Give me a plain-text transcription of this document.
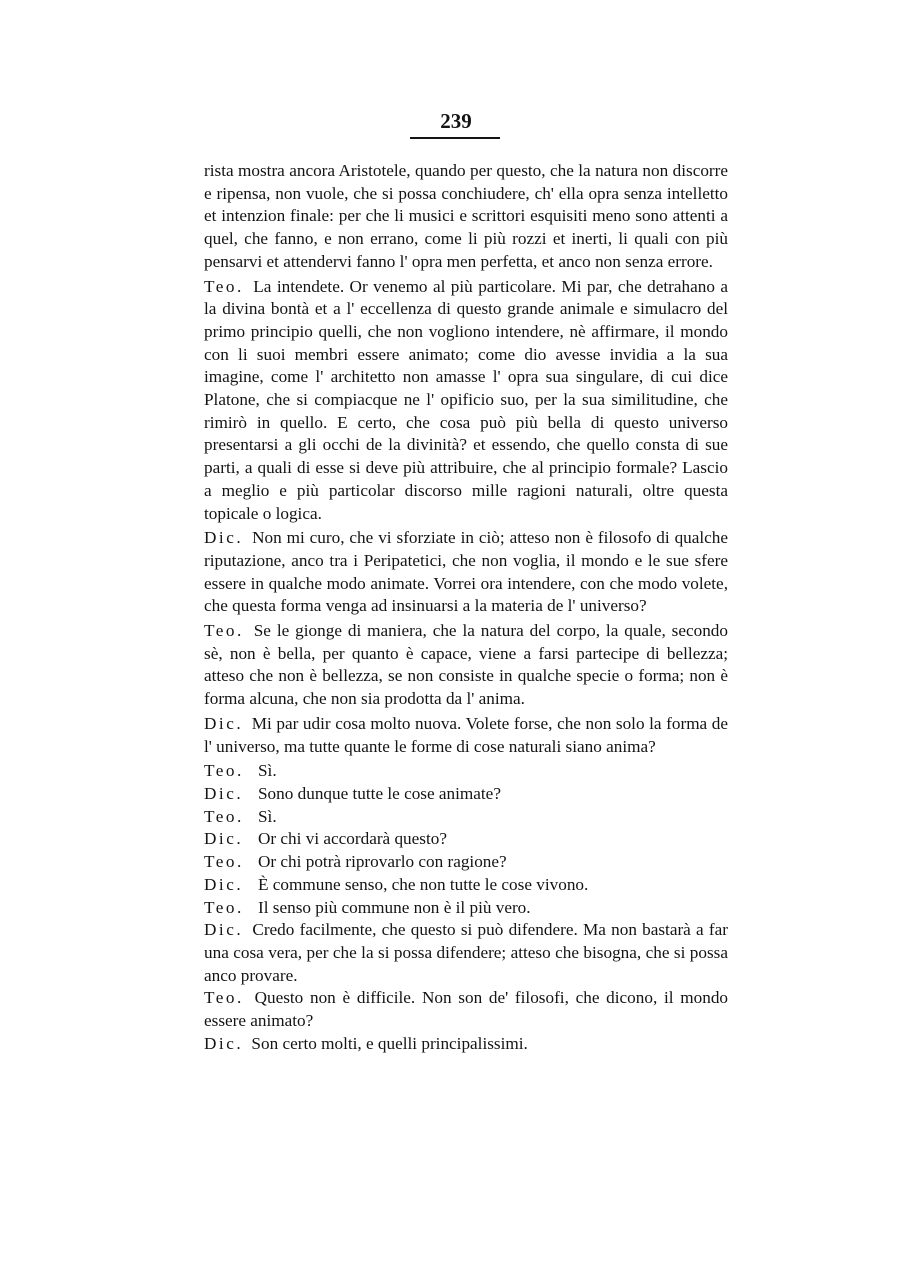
239

rista mostra ancora Aristotele, quando per questo, che la natura non discorre e ripensa, non vuole, che si possa conchiudere, ch' ella opra senza intelletto et intenzion finale: per che li musici e scrittori esquisiti meno sono attenti a quel, che fanno, e non errano, come li più rozzi et inerti, li quali con più pensarvi et attendervi fanno l' opra men perfetta, et anco non senza errore.

Teo. La intendete. Or venemo al più particolare. Mi par, che detrahano a la divina bontà et a l' eccellenza di questo grande animale e simulacro del primo principio quelli, che non vogliono intendere, nè affirmare, il mondo con li suoi membri essere animato; come dio avesse invidia a la sua imagine, come l' architetto non amasse l' opra sua singulare, di cui dice Platone, che si compiacque ne l' opificio suo, per la sua similitudine, che rimirò in quello. E certo, che cosa può più bella di questo universo presentarsi a gli occhi de la divinità? et essendo, che quello consta di sue parti, a quali di esse si deve più attribuire, che al principio formale? Lascio a meglio e più particolar discorso mille ragioni naturali, oltre questa topicale o logica.

Dic. Non mi curo, che vi sforziate in ciò; atteso non è filosofo di qualche riputazione, anco tra i Peripatetici, che non voglia, il mondo e le sue sfere essere in qualche modo animate. Vorrei ora intendere, con che modo volete, che questa forma venga ad insinuarsi a la materia de l' universo?

Teo. Se le gionge di maniera, che la natura del corpo, la quale, secondo sè, non è bella, per quanto è capace, viene a farsi partecipe di bellezza; atteso che non è bellezza, se non consiste in qualche specie o forma; non è forma alcuna, che non sia prodotta da l' anima.

Dic. Mi par udir cosa molto nuova. Volete forse, che non solo la forma de l' universo, ma tutte quante le forme di cose naturali siano anima?

Teo. Sì.

Dic. Sono dunque tutte le cose animate?

Teo. Sì.

Dic. Or chi vi accordarà questo?

Teo. Or chi potrà riprovarlo con ragione?

Dic. È commune senso, che non tutte le cose vivono.

Teo. Il senso più commune non è il più vero.

Dic. Credo facilmente, che questo si può difendere. Ma non bastarà a far una cosa vera, per che la si possa difendere; atteso che bisogna, che si possa anco provare.

Teo. Questo non è difficile. Non son de' filosofi, che dicono, il mondo essere animato?

Dic. Son certo molti, e quelli principalissimi.
